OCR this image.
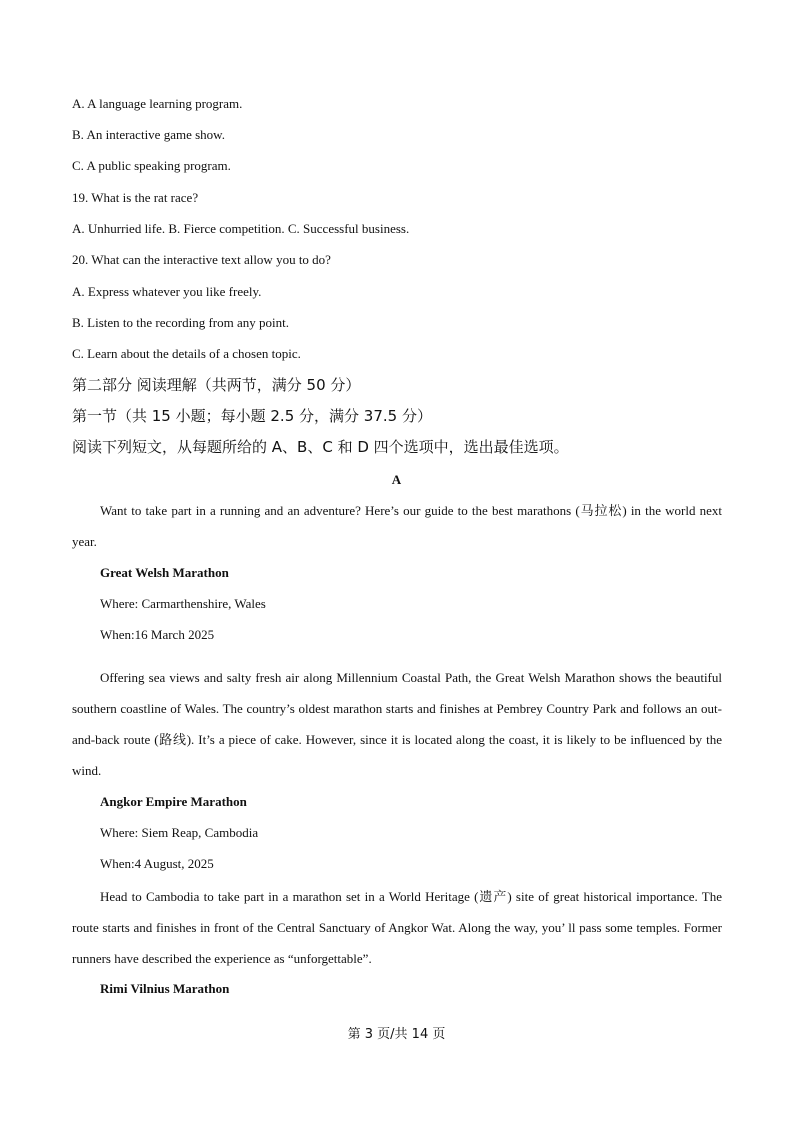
A. A language learning program.
B. An interactive game show.
C. A public speaking program.
19. What is the rat race?
A. Unhurried life. B. Fierce competition. C. Successful business.
20. What can the interactive text allow you to do?
A. Express whatever you like freely.
B. Listen to the recording from any point.
C. Learn about the details of a chosen topic.
第二部分 阅读理解（共两节，满分 50 分）
第一节（共 15 小题；每小题 2.5 分，满分 37.5 分）
阅读下列短文，从每题所给的 A、B、C 和 D 四个选项中，选出最佳选项。
A
Want to take part in a running and an adventure? Here’s our guide to the best marathons (马拉松) in the world next year.
Great Welsh Marathon
Where: Carmarthenshire, Wales
When:16 March 2025
Offering sea views and salty fresh air along Millennium Coastal Path, the Great Welsh Marathon shows the beautiful southern coastline of Wales. The country’s oldest marathon starts and finishes at Pembrey Country Park and follows an out-and-back route (路线). It’s a piece of cake. However, since it is located along the coast, it is likely to be influenced by the wind.
Angkor Empire Marathon
Where: Siem Reap, Cambodia
When:4 August, 2025
Head to Cambodia to take part in a marathon set in a World Heritage (遗产) site of great historical importance. The route starts and finishes in front of the Central Sanctuary of Angkor Wat. Along the way, you’ ll pass some temples. Former runners have described the experience as “unforgettable”.
Rimi Vilnius Marathon
第 3 页/共 14 页
